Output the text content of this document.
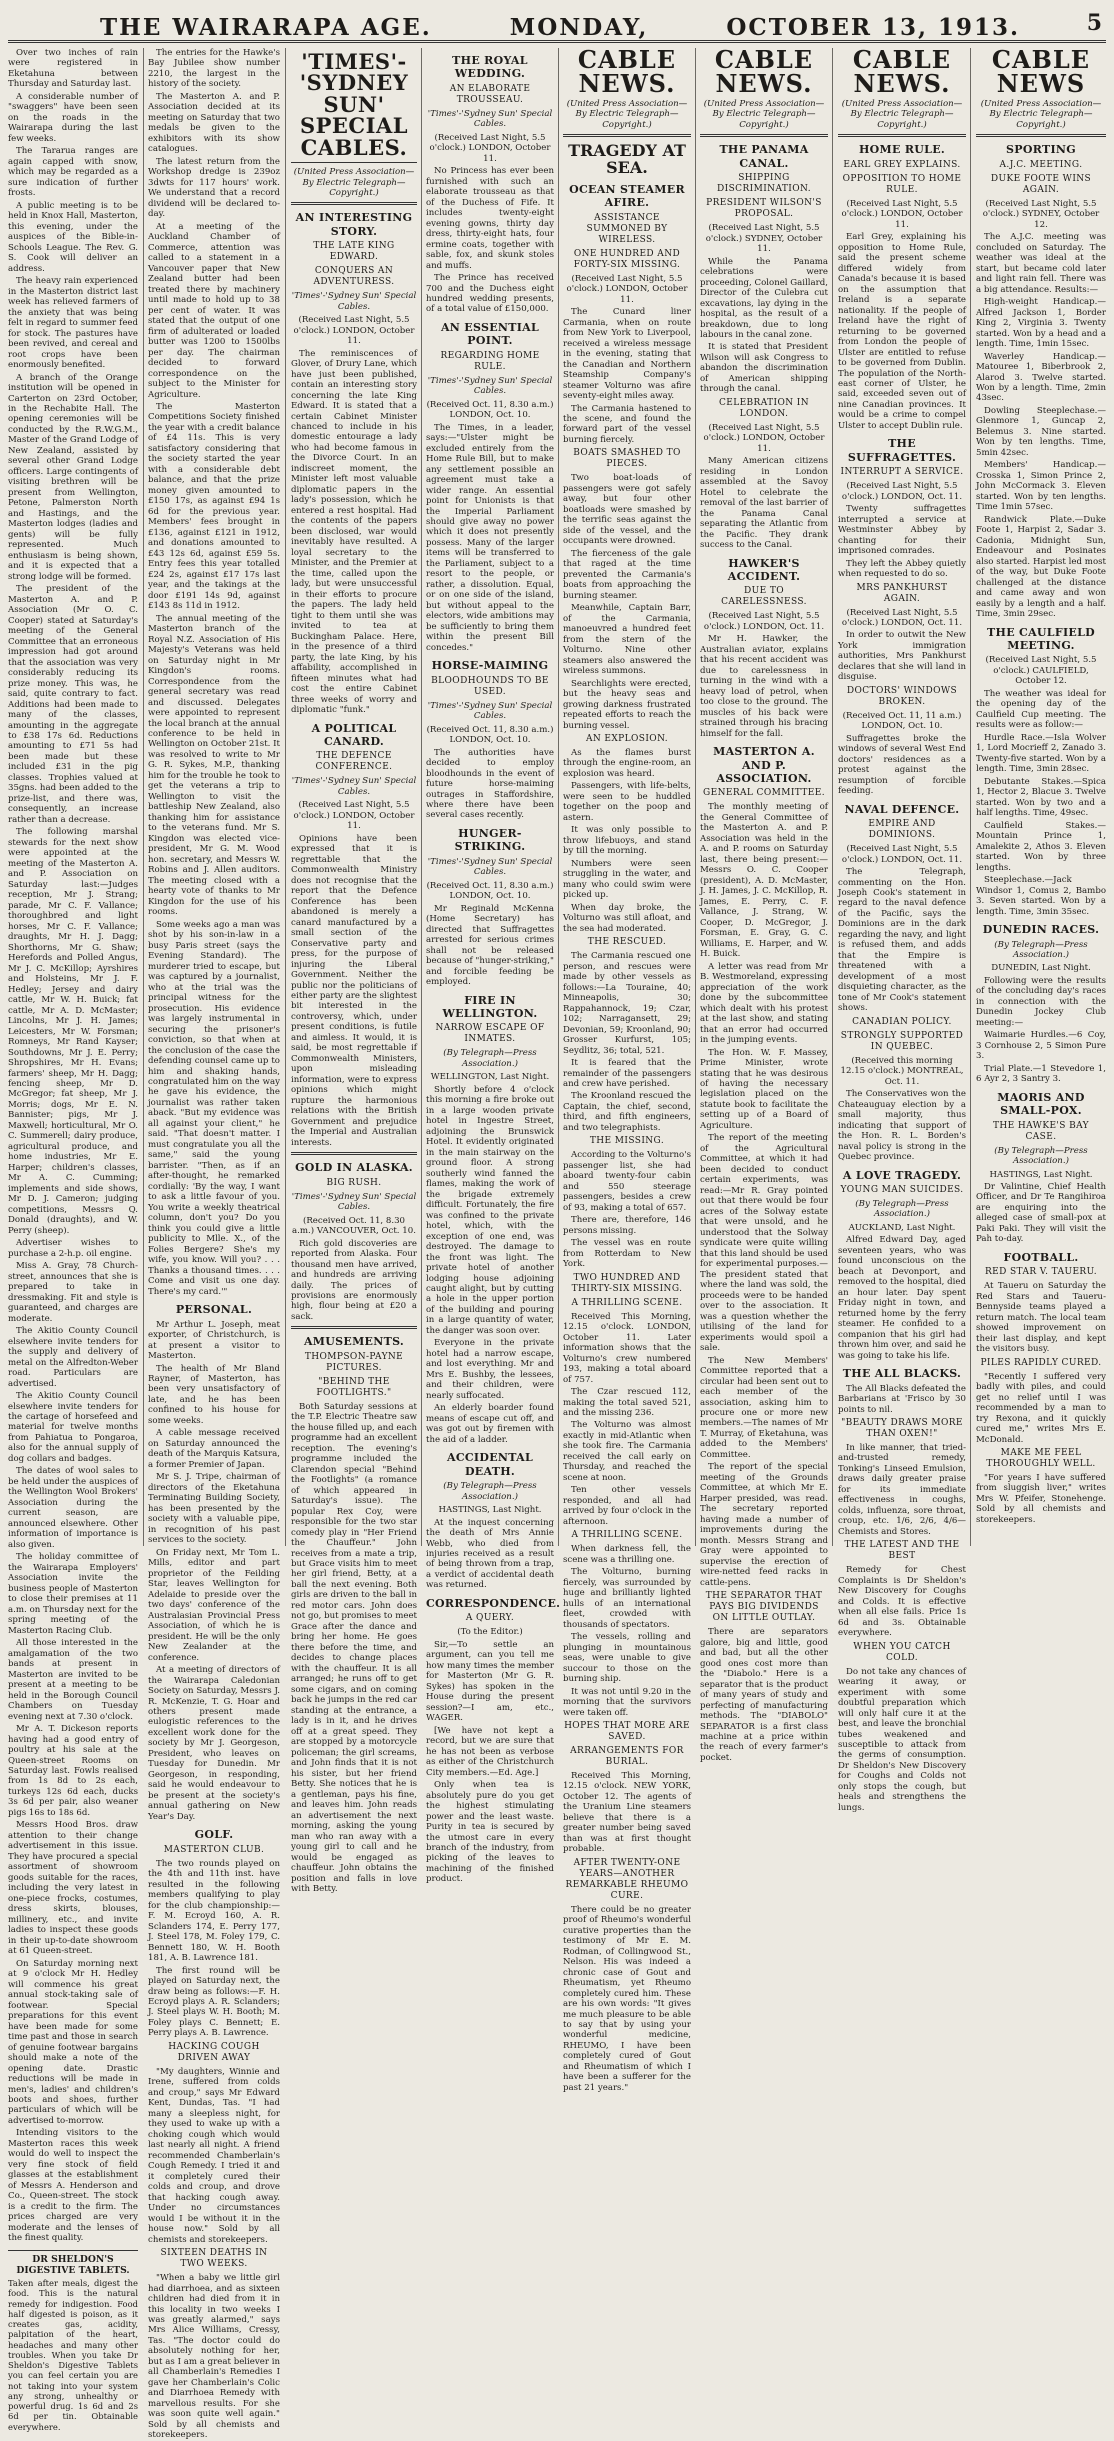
THE WAIRARAPA AGE.	MONDAY,	OCTOBER 13, 1913.	5

Over two inches of rain were registered in Eketahuna between Thursday and Saturday last.

A considerable number of "swaggers" have been seen on the roads in the Wairarapa during the last few weeks.

The Tararua ranges are again capped with snow, which may be regarded as a sure indication of further frosts.

A public meeting is to be held in Knox Hall, Masterton, this evening, under the auspices of the Bible-in-Schools League. The Rev. G. S. Cook will deliver an address.

The heavy rain experienced in the Masterton district last week has relieved farmers of the anxiety that was being felt in regard to summer feed for stock. The pastures have been revived, and cereal and root crops have been enormously benefited.

A branch of the Orange institution will be opened in Carterton on 23rd October, in the Rechabite Hall. The opening ceremonies will be conducted by the R.W.G.M., Master of the Grand Lodge of New Zealand, assisted by several other Grand Lodge officers. Large contingents of visiting brethren will be present from Wellington, Petone, Palmerston North and Hastings, and the Masterton lodges (ladies and gents) will be fully represented. Much enthusiasm is being shown, and it is expected that a strong lodge will be formed.

The president of the Masterton A. and P. Association (Mr O. C. Cooper) stated at Saturday's meeting of the General Committee that an erroneous impression had got around that the association was very considerably reducing its prize money. This was, he said, quite contrary to fact. Additions had been made to many of the classes, amounting in the aggregate to £38 17s 6d. Reductions amounting to £71 5s had been made but these included £31 in the pig classes. Trophies valued at 35gns. had been added to the prize-list, and there was, consequently, an increase rather than a decrease.

The following marshal stewards for the next show were appointed at the meeting of the Masterton A. and P. Association on Saturday last:—Judges reception, Mr J. Strang; parade, Mr C. F. Vallance; thoroughbred and light horses, Mr C. F. Vallance; draughts, Mr H. J. Dagg; Shorthorns, Mr G. Shaw; Herefords and Polled Angus, Mr J. C. McKillop; Ayrshires and Holsteins, Mr J. F. Hedley; Jersey and dairy cattle, Mr W. H. Buick; fat cattle, Mr A. D. McMaster; Lincolns, Mr J. H. James; Leicesters, Mr W. Forsman; Romneys, Mr Rand Kayser; Southdowns, Mr J. E. Perry; Shropshires, Mr H. Evans; farmers' sheep, Mr H. Dagg; fencing sheep, Mr D. McGregor; fat sheep, Mr J. Morris; dogs, Mr E. N. Bannister; pigs, Mr J. Maxwell; horticultural, Mr O. C. Summerell; dairy produce, agricultural produce, and home industries, Mr E. Harper; children's classes, Mr A. C. Cumming; implements and side shows, Mr D. J. Cameron; judging competitions, Messrs Q. Donald (draughts), and W. Perry (sheep).

Advertiser wishes to purchase a 2-h.p. oil engine.

Miss A. Gray, 78 Church-street, announces that she is prepared to take in dressmaking. Fit and style is guaranteed, and charges are moderate.

The Akitio County Council elsewhere invite tenders for the supply and delivery of metal on the Alfredton-Weber road. Particulars are advertised.

The Akitio County Council elsewhere invite tenders for the cartage of horsefeed and material for twelve months from Pahiatua to Pongaroa, also for the annual supply of dog collars and badges.

The dates of wool sales to be held under the auspices of the Wellington Wool Brokers' Association during the current season, are announced elsewhere. Other information of importance is also given.

The holiday committee of the Wairarapa Employers' Association invite the business people of Masterton to close their premises at 11 a.m. on Thursday next for the spring meeting of the Masterton Racing Club.

All those interested in the amalgamation of the two bands at present in Masterton are invited to be present at a meeting to be held in the Borough Council Chambers on Tuesday evening next at 7.30 o'clock.

Mr A. T. Dickeson reports having had a good entry of poultry at his sale at the Queen-street Rooms on Saturday last. Fowls realised from 1s 8d to 2s each, turkeys 12s 6d each, ducks 3s 6d per pair, also weaner pigs 16s to 18s 6d.

Messrs Hood Bros. draw attention to their change advertisement in this issue. They have procured a special assortment of showroom goods suitable for the races, including the very latest in one-piece frocks, costumes, dress skirts, blouses, millinery, etc., and invite ladies to inspect these goods in their up-to-date showroom at 61 Queen-street.

On Saturday morning next at 9 o'clock Mr H. Hedley will commence his great annual stock-taking sale of footwear. Special preparations for this event have been made for some time past and those in search of genuine footwear bargains should make a note of the opening date. Drastic reductions will be made in men's, ladies' and children's boots and shoes, further particulars of which will be advertised to-morrow.

Intending visitors to the Masterton races this week would do well to inspect the very fine stock of field glasses at the establishment of Messrs A. Henderson and Co., Queen-street. The stock is a credit to the firm. The prices charged are very moderate and the lenses of the finest quality.

DR SHELDON'S DIGESTIVE TABLETS.
Taken after meals, digest the food. This is the natural remedy for indigestion. Food half digested is poison, as it creates gas, acidity, palpitation of the heart, headaches and many other troubles. When you take Dr Sheldon's Digestive Tablets you can feel certain you are not taking into your system any strong, unhealthy or powerful drug. 1s 6d and 2s 6d per tin. Obtainable everywhere.

The entries for the Hawke's Bay Jubilee show number 2210, the largest in the history of the society.

The Masterton A. and P. Association decided at its meeting on Saturday that two medals be given to the exhibitors with its show catalogues.

The latest return from the Workshop dredge is 239oz 3dwts for 117 hours' work. We understand that a record dividend will be declared to-day.

At a meeting of the Auckland Chamber of Commerce, attention was called to a statement in a Vancouver paper that New Zealand butter had been treated there by machinery until made to hold up to 38 per cent of water. It was stated that the output of one firm of adulterated or loaded butter was 1200 to 1500lbs per day. The chairman decided to forward correspondence on the subject to the Minister for Agriculture.

The Masterton Competitions Society finished the year with a credit balance of £4 11s. This is very satisfactory considering that the society started the year with a considerable debt balance, and that the prize money given amounted to £150 17s, as against £94 1s 6d for the previous year. Members' fees brought in £136, against £121 in 1912, and donations amounted to £43 12s 6d, against £59 5s. Entry fees this year totalled £24 2s, against £17 17s last year, and the takings at the door £191 14s 9d, against £143 8s 11d in 1912.

The annual meeting of the Masterton branch of the Royal N.Z. Association of His Majesty's Veterans was held on Saturday night in Mr Kingdon's rooms. Correspondence from the general secretary was read and discussed. Delegates were appointed to represent the local branch at the annual conference to be held in Wellington on October 21st. It was resolved to write to Mr G. R. Sykes, M.P., thanking him for the trouble he took to get the veterans a trip to Wellington to visit the battleship New Zealand, also thanking him for assistance to the veterans fund. Mr S. Kingdon was elected vice-president, Mr G. M. Wood hon. secretary, and Messrs W. Robins and J. Allen auditors. The meeting closed with a hearty vote of thanks to Mr Kingdon for the use of his rooms.

Some weeks ago a man was shot by his son-in-law in a busy Paris street (says the Evening Standard). The murderer tried to escape, but was captured by a journalist, who at the trial was the principal witness for the prosecution. His evidence was largely instrumental in securing the prisoner's conviction, so that when at the conclusion of the case the defending counsel came up to him and shaking hands, congratulated him on the way he gave his evidence, the journalist was rather taken aback. "But my evidence was all against your client," he said. "That doesn't matter. I must congratulate you all the same," said the young barrister. "Then, as if an after-thought, he remarked cordially: 'By the way, I want to ask a little favour of you. You write a weekly theatrical column, don't you? Do you think you could give a little publicity to Mlle. X., of the Folies Bergere? She's my wife, you know. Will you? . . . Thanks a thousand times. . . . Come and visit us one day. There's my card.'"

PERSONAL.

Mr Arthur L. Joseph, meat exporter, of Christchurch, is at present a visitor to Masterton.

The health of Mr Bland Rayner, of Masterton, has been very unsatisfactory of late, and he has been confined to his house for some weeks.

A cable message received on Saturday announced the death of the Marquis Katsura, a former Premier of Japan.

Mr S. J. Tripe, chairman of directors of the Eketahuna Terminating Building Society, has been presented by the society with a valuable pipe, in recognition of his past services to the society.

On Friday next, Mr Tom L. Mills, editor and part proprietor of the Feilding Star, leaves Wellington for Adelaide to preside over the two days' conference of the Australasian Provincial Press Association, of which he is president. He will be the only New Zealander at the conference.

At a meeting of directors of the Wairarapa Caledonian Society on Saturday, Messrs J. R. McKenzie, T. G. Hoar and others present made eulogistic references to the excellent work done for the society by Mr J. Georgeson, President, who leaves on Tuesday for Dunedin. Mr Georgeson, in responding, said he would endeavour to be present at the society's annual gathering on New Year's Day.

GOLF.
MASTERTON CLUB.

The two rounds played on the 4th and 11th inst. have resulted in the following members qualifying to play for the club championship:—F. M. Ecroyd 160, A. R. Sclanders 174, E. Perry 177, J. Steel 178, M. Foley 179, C. Bennett 180, W. H. Booth 181, A. B. Lawrence 181.

The first round will be played on Saturday next, the draw being as follows:—F. H. Ecroyd plays A. R. Sclanders; J. Steel plays W. H. Booth; M. Foley plays C. Bennett; E. Perry plays A. B. Lawrence.

HACKING COUGH DRIVEN AWAY

"My daughters, Winnie and Irene, suffered from colds and croup," says Mr Edward Kent, Dundas, Tas. "I had many a sleepless night, for they used to wake up with a choking cough which would last nearly all night. A friend recommended Chamberlain's Cough Remedy. I tried it and it completely cured their colds and croup, and drove that hacking cough away. Under no circumstances would I be without it in the house now." Sold by all chemists and storekeepers.

SIXTEEN DEATHS IN TWO WEEKS.

"When a baby we little girl had diarrhoea, and as sixteen children had died from it in this locality in two weeks I was greatly alarmed," says Mrs Alice Williams, Cressy, Tas. "The doctor could do absolutely nothing for her, but as I am a great believer in all Chamberlain's Remedies I gave her Chamberlain's Colic and Diarrhoea Remedy with marvellous results. For she was soon quite well again." Sold by all chemists and storekeepers.

'TIMES'-'SYDNEY SUN' SPECIAL CABLES.
(United Press Association—By Electric Telegraph—Copyright.)
AN INTERESTING STORY.
THE LATE KING EDWARD.
CONQUERS AN ADVENTURESS.
'Times'-'Sydney Sun' Special Cables.
(Received Last Night, 5.5 o'clock.) LONDON, October 11.

The reminiscences of Glover, of Drury Lane, which have just been published, contain an interesting story concerning the late King Edward. It is stated that a certain Cabinet Minister chanced to include in his domestic entourage a lady who had become famous in the Divorce Court. In an indiscreet moment, the Minister left most valuable diplomatic papers in the lady's possession, which he entered a rest hospital. Had the contents of the papers been disclosed, war would inevitably have resulted. A loyal secretary to the Minister, and the Premier at the time, called upon the lady, but were unsuccessful in their efforts to procure the papers. The lady held tight to them until she was invited to tea at Buckingham Palace. Here, in the presence of a third party, the late King, by his affability, accomplished in fifteen minutes what had cost the entire Cabinet three weeks of worry and diplomatic "funk."

A POLITICAL CANARD.
THE DEFENCE CONFERENCE.
'Times'-'Sydney Sun' Special Cables.
(Received Last Night, 5.5 o'clock.) LONDON, October 11.

Opinions have been expressed that it is regrettable that the Commonwealth Ministry does not recognise that the report that the Defence Conference has been abandoned is merely a canard manufactured by a small section of the Conservative party and press, for the purpose of injuring the Liberal Government. Neither the public nor the politicians of either party are the slightest bit interested in the controversy, which, under present conditions, is futile and aimless. It would, it is said, be most regrettable if Commonwealth Ministers, upon misleading information, were to express opinions which might rupture the harmonious relations with the British Government and prejudice the Imperial and Australian interests.

GOLD IN ALASKA.
BIG RUSH.
'Times'-'Sydney Sun' Special Cables.
(Received Oct. 11, 8.30 a.m.) VANCOUVER, Oct. 10.

Rich gold discoveries are reported from Alaska. Four thousand men have arrived, and hundreds are arriving daily. The prices of provisions are enormously high, flour being at £20 a sack.

AMUSEMENTS.
THOMPSON-PAYNE PICTURES.
"BEHIND THE FOOTLIGHTS."

Both Saturday sessions at the T.P. Electric Theatre saw the house filled up, and each programme had an excellent reception. The evening's programme included the Clarendon special "Behind the Footlights" (a romance of which appeared in Saturday's issue). The popular Rex Coy, were responsible for the two star comedy play in "Her Friend the Chauffeur." John receives from a mate a trip, but Grace visits him to meet her girl friend, Betty, at a ball the next evening. Both girls are driven to the ball in red motor cars. John does not go, but promises to meet Grace after the dance and bring her home. He goes there before the time, and decides to change places with the chauffeur. It is all arranged; he runs off to get some cigars, and on coming back he jumps in the red car standing at the entrance, a lady is in it, and he drives off at a great speed. They are stopped by a motorcycle policeman; the girl screams, and John finds that it is not his sister, but her friend Betty. She notices that he is a gentleman, pays his fine, and leaves him. John reads an advertisement the next morning, asking the young man who ran away with a young girl to call and he would be engaged as chauffeur. John obtains the position and falls in love with Betty.

THE ROYAL WEDDING.
AN ELABORATE TROUSSEAU.
'Times'-'Sydney Sun' Special Cables.
(Received Last Night, 5.5 o'clock.) LONDON, October 11.

No Princess has ever been furnished with such an elaborate trousseau as that of the Duchess of Fife. It includes twenty-eight evening gowns, thirty day dress, thirty-eight hats, four ermine coats, together with sable, fox, and skunk stoles and muffs.

The Prince has received 700 and the Duchess eight hundred wedding presents, of a total value of £150,000.

AN ESSENTIAL POINT.
REGARDING HOME RULE.
'Times'-'Sydney Sun' Special Cables.
(Received Oct. 11, 8.30 a.m.) LONDON, Oct. 10.

The Times, in a leader, says:—"Ulster might be excluded entirely from the Home Rule Bill, but to make any settlement possible an agreement must take a wider range. An essential point for Unionists is that the Imperial Parliament should give away no power which it does not presently possess. Many of the larger items will be transferred to the Parliament, subject to a resort to the people, or rather, a dissolution. Equal, or on one side of the island, but without appeal to the electors, wide ambitions may be sufficiently to bring them within the present Bill concedes."

HORSE-MAIMING
BLOODHOUNDS TO BE USED.
'Times'-'Sydney Sun' Special Cables.
(Received Oct. 11, 8.30 a.m.) LONDON, Oct. 10.

The authorities have decided to employ bloodhounds in the event of future horse-maiming outrages in Staffordshire, where there have been several cases recently.

HUNGER-STRIKING.
'Times'-'Sydney Sun' Special Cables.
(Received Oct. 11, 8.30 a.m.) LONDON, Oct. 10.

Mr Reginald McKenna (Home Secretary) has directed that Suffragettes arrested for serious crimes shall not be released because of "hunger-striking," and forcible feeding be employed.

FIRE IN WELLINGTON.
NARROW ESCAPE OF INMATES.
(By Telegraph—Press Association.)
WELLINGTON, Last Night.

Shortly before 4 o'clock this morning a fire broke out in a large wooden private hotel in Ingestre Street, adjoining the Brunswick Hotel. It evidently originated in the main stairway on the ground floor. A strong southerly wind fanned the flames, making the work of the brigade extremely difficult. Fortunately, the fire was confined to the private hotel, which, with the exception of one end, was destroyed. The damage to the front was light. The private hotel of another lodging house adjoining caught alight, but by cutting a hole in the upper portion of the building and pouring in a large quantity of water, the danger was soon over.

Everyone in the private hotel had a narrow escape, and lost everything. Mr and Mrs E. Bushby, the lessees, and their children, were nearly suffocated.

An elderly boarder found means of escape cut off, and was got out by firemen with the aid of a ladder.

ACCIDENTAL DEATH.
(By Telegraph—Press Association.)
HASTINGS, Last Night.

At the inquest concerning the death of Mrs Annie Webb, who died from injuries received as a result of being thrown from a trap, a verdict of accidental death was returned.

CORRESPONDENCE.
A QUERY.
(To the Editor.)

Sir,—To settle an argument, can you tell me how many times the member for Masterton (Mr G. R. Sykes) has spoken in the House during the present session?—I am, etc., WAGER.

[We have not kept a record, but we are sure that he has not been as verbose as either of the Christchurch City members.—Ed. Age.]

Only when tea is absolutely pure do you get the highest stimulating power and the least waste. Purity in tea is secured by the utmost care in every branch of the industry, from picking of the leaves to machining of the finished product.

CABLE NEWS.
(United Press Association—By Electric Telegraph—Copyright.)
TRAGEDY AT SEA.
OCEAN STEAMER AFIRE.
ASSISTANCE SUMMONED BY WIRELESS.
ONE HUNDRED AND FORTY-SIX MISSING.
(Received Last Night, 5.5 o'clock.) LONDON, October 11.

The Cunard liner Carmania, when on route from New York to Liverpool, received a wireless message in the evening, stating that the Canadian and Northern Steamship Company's steamer Volturno was afire seventy-eight miles away.

The Carmania hastened to the scene, and found the forward part of the vessel burning fiercely.

BOATS SMASHED TO PIECES.

Two boat-loads of passengers were got safely away, but four other boatloads were smashed by the terrific seas against the side of the vessel, and the occupants were drowned.

The fierceness of the gale that raged at the time prevented the Carmania's boats from approaching the burning steamer.

Meanwhile, Captain Barr, of the Carmania, manoeuvred a hundred feet from the stern of the Volturno. Nine other steamers also answered the wireless summons.

Searchlights were erected, but the heavy seas and growing darkness frustrated repeated efforts to reach the burning vessel.

AN EXPLOSION.

As the flames burst through the engine-room, an explosion was heard.

Passengers, with life-belts, were seen to be huddled together on the poop and astern.

It was only possible to throw lifebuoys, and stand by till the morning.

Numbers were seen struggling in the water, and many who could swim were picked up.

When day broke, the Volturno was still afloat, and the sea had moderated.

THE RESCUED.

The Carmania rescued one person, and rescues were made by other vessels as follows:—La Touraine, 40; Minneapolis, 30; Rappahannock, 19; Czar, 102; Narragansett, 29; Devonian, 59; Kroonland, 90; Grosser Kurfurst, 105; Seydlitz, 36; total, 521.

It is feared that the remainder of the passengers and crew have perished.

The Kroonland rescued the Captain, the chief, second, third, and fifth engineers, and two telegraphists.

THE MISSING.

According to the Volturno's passenger list, she had aboard twenty-four cabin and 550 steerage passengers, besides a crew of 93, making a total of 657.

There are, therefore, 146 persons missing.

The vessel was en route from Rotterdam to New York.

TWO HUNDRED AND THIRTY-SIX MISSING.
A THRILLING SCENE.

Received This Morning, 12.15 o'clock. LONDON, October 11. Later information shows that the Volturno's crew numbered 193, making a total aboard of 757.

The Czar rescued 112, making the total saved 521, and the missing 236.

The Volturno was almost exactly in mid-Atlantic when she took fire. The Carmania received the call early on Thursday, and reached the scene at noon.

Ten other vessels responded, and all had arrived by four o'clock in the afternoon.

A THRILLING SCENE.

When darkness fell, the scene was a thrilling one.

The Volturno, burning fiercely, was surrounded by huge and brilliantly lighted hulls of an international fleet, crowded with thousands of spectators.

The vessels, rolling and plunging in mountainous seas, were unable to give succour to those on the burning ship.

It was not until 9.20 in the morning that the survivors were taken off.

HOPES THAT MORE ARE SAVED.
ARRANGEMENTS FOR BURIAL.

Received This Morning, 12.15 o'clock. NEW YORK, October 12. The agents of the Uranium Line steamers believe that there is a greater number being saved than was at first thought probable.

AFTER TWENTY-ONE YEARS—ANOTHER REMARKABLE RHEUMO CURE.

There could be no greater proof of Rheumo's wonderful curative properties than the testimony of Mr E. M. Rodman, of Collingwood St., Nelson. His was indeed a chronic case of Gout and Rheumatism, yet Rheumo completely cured him. These are his own words: "It gives me much pleasure to be able to say that by using your wonderful medicine, RHEUMO, I have been completely cured of Gout and Rheumatism of which I have been a sufferer for the past 21 years."

CABLE NEWS.
(United Press Association—By Electric Telegraph—Copyright.)
THE PANAMA CANAL.
SHIPPING DISCRIMINATION.
PRESIDENT WILSON'S PROPOSAL.
(Received Last Night, 5.5 o'clock.) SYDNEY, October 11.

While the Panama celebrations were proceeding, Colonel Gaillard, Director of the Culebra cut excavations, lay dying in the hospital, as the result of a breakdown, due to long labours in the canal zone.

It is stated that President Wilson will ask Congress to abandon the discrimination of American shipping through the canal.

CELEBRATION IN LONDON.
(Received Last Night, 5.5 o'clock.) LONDON, October 11.

Many American citizens residing in London assembled at the Savoy Hotel to celebrate the removal of the last barrier of the Panama Canal separating the Atlantic from the Pacific. They drank success to the Canal.

HAWKER'S ACCIDENT.
DUE TO CARELESSNESS.
(Received Last Night, 5.5 o'clock.) LONDON, Oct. 11.

Mr H. Hawker, the Australian aviator, explains that his recent accident was due to carelessness in turning in the wind with a heavy load of petrol, when too close to the ground. The muscles of his back were strained through his bracing himself for the fall.

MASTERTON A. AND P. ASSOCIATION.
GENERAL COMMITTEE.

The monthly meeting of the General Committee of the Masterton A. and P. Association was held in the A. and P. rooms on Saturday last, there being present:—Messrs O. C. Cooper (president), A. D. McMaster, J. H. James, J. C. McKillop, R. James, E. Perry, C. F. Vallance, J. Strang, W. Cooper, D. McGregor, J. Forsman, E. Gray, G. C. Williams, E. Harper, and W. H. Buick.

A letter was read from Mr B. Westmoreland, expressing appreciation of the work done by the subcommittee which dealt with his protest at the last show, and stating that an error had occurred in the jumping events.

The Hon. W. F. Massey, Prime Minister, wrote stating that he was desirous of having the necessary legislation placed on the statute book to facilitate the setting up of a Board of Agriculture.

The report of the meeting of the Agricultural Committee, at which it had been decided to conduct certain experiments, was read:—Mr R. Gray pointed out that there would be four acres of the Solway estate that were unsold, and he understood that the Solway syndicate were quite willing that this land should be used for experimental purposes.—The president stated that where the land was sold, the proceeds were to be handed over to the association. It was a question whether the utilising of the land for experiments would spoil a sale.

The New Members' Committee reported that a circular had been sent out to each member of the association, asking him to procure one or more new members.—The names of Mr T. Murray, of Eketahuna, was added to the Members' Committee.

The report of the special meeting of the Grounds Committee, at which Mr E. Harper presided, was read. The secretary reported having made a number of improvements during the month. Messrs Strang and Gray were appointed to supervise the erection of wire-netted feed racks in cattle-pens.

THE SEPARATOR THAT PAYS BIG DIVIDENDS ON LITTLE OUTLAY.

There are separators galore, big and little, good and bad, but all the other good ones cost more than the "Diabolo." Here is a separator that is the product of many years of study and perfecting of manufacturing methods. The "DIABOLO" SEPARATOR is a first class machine at a price within the reach of every farmer's pocket.

CABLE NEWS.
(United Press Association—By Electric Telegraph—Copyright.)
HOME RULE.
EARL GREY EXPLAINS.
OPPOSITION TO HOME RULE.
(Received Last Night, 5.5 o'clock.) LONDON, October 11.

Earl Grey, explaining his opposition to Home Rule, said the present scheme differed widely from Canada's because it is based on the assumption that Ireland is a separate nationality. If the people of Ireland have the right of returning to be governed from London the people of Ulster are entitled to refuse to be governed from Dublin. The population of the North-east corner of Ulster, he said, exceeded seven out of nine Canadian provinces. It would be a crime to compel Ulster to accept Dublin rule.

THE SUFFRAGETTES.
INTERRUPT A SERVICE.
(Received Last Night, 5.5 o'clock.) LONDON, Oct. 11.

Twenty suffragettes interrupted a service at Westminster Abbey by chanting for their imprisoned comrades.

They left the Abbey quietly when requested to do so.

MRS PANKHURST AGAIN.
(Received Last Night, 5.5 o'clock.) LONDON, Oct. 11.

In order to outwit the New York immigration authorities, Mrs Pankhurst declares that she will land in disguise.

DOCTORS' WINDOWS BROKEN.
(Received Oct. 11, 11 a.m.) LONDON, Oct. 10.

Suffragettes broke the windows of several West End doctors' residences as a protest against the resumption of forcible feeding.

NAVAL DEFENCE.
EMPIRE AND DOMINIONS.
(Received Last Night, 5.5 o'clock.) LONDON, Oct. 11.

The Telegraph, commenting on the Hon. Joseph Cook's statement in regard to the naval defence of the Pacific, says the Dominions are in the dark regarding the navy, and light is refused them, and adds that the Empire is threatened with a development of a most disquieting character, as the tone of Mr Cook's statement shows.

CANADIAN POLICY.
STRONGLY SUPPORTED IN QUEBEC.
(Received this morning 12.15 o'clock.) MONTREAL, Oct. 11.

The Conservatives won the Chateauguay election by a small majority, thus indicating that support of the Hon. R. L. Borden's naval policy is strong in the Quebec province.

A LOVE TRAGEDY.
YOUNG MAN SUICIDES.
(By Telegraph—Press Association.)
AUCKLAND, Last Night.

Alfred Edward Day, aged seventeen years, who was found unconscious on the beach at Devonport, and removed to the hospital, died an hour later. Day spent Friday night in town, and returned home by the ferry steamer. He confided to a companion that his girl had thrown him over, and said he was going to take his life.

THE ALL BLACKS.

The All Blacks defeated the Barbarians at 'Frisco by 30 points to nil.

"BEAUTY DRAWS MORE THAN OXEN!"

In like manner, that tried-and-trusted remedy, Tonking's Linseed Emulsion, draws daily greater praise for its immediate effectiveness in coughs, colds, influenza, sore throat, croup, etc. 1/6, 2/6, 4/6—Chemists and Stores.

THE LATEST AND THE BEST

Remedy for Chest Complaints is Dr Sheldon's New Discovery for Coughs and Colds. It is effective when all else fails. Price 1s 6d and 3s. Obtainable everywhere.

WHEN YOU CATCH COLD.

Do not take any chances of wearing it away, or experiment with some doubtful preparation which will only half cure it at the best, and leave the bronchial tubes weakened and susceptible to attack from the germs of consumption. Dr Sheldon's New Discovery for Coughs and Colds not only stops the cough, but heals and strengthens the lungs.

CABLE NEWS
(United Press Association—By Electric Telegraph—Copyright.)
SPORTING
A.J.C. MEETING.
DUKE FOOTE WINS AGAIN.
(Received Last Night, 5.5 o'clock.) SYDNEY, October 12.

The A.J.C. meeting was concluded on Saturday. The weather was ideal at the start, but became cold later and light rain fell. There was a big attendance. Results:—

High-weight Handicap.—Alfred Jackson 1, Border King 2, Virginia 3. Twenty started. Won by a head and a length. Time, 1min 15sec.

Waverley Handicap.—Matouree 1, Biberbrook 2, Alarod 3. Twelve started. Won by a length. Time, 2min 43sec.

Dowling Steeplechase.—Glenmore 1, Guncap 2, Belemus 3. Nine started. Won by ten lengths. Time, 5min 42sec.

Members' Handicap.—Crosska 1, Simon Prince 2, John McCormack 3. Eleven started. Won by ten lengths. Time 1min 57sec.

Randwick Plate.—Duke Foote 1, Harpist 2, Sadar 3. Cadonia, Midnight Sun, Endeavour and Posinates also started. Harpist led most of the way, but Duke Foote challenged at the distance and came away and won easily by a length and a half. Time, 3min 29sec.

THE CAULFIELD MEETING.
(Received Last Night, 5.5 o'clock.) CAULFIELD, October 12.

The weather was ideal for the opening day of the Caulfield Cup meeting. The results were as follow:—

Hurdle Race.—Isla Wolver 1, Lord Mocrieff 2, Zanado 3. Twenty-five started. Won by a length. Time, 3min 28sec.

Debutante Stakes.—Spica 1, Hector 2, Blacue 3. Twelve started. Won by two and a half lengths. Time, 49sec.

Caulfield Stakes.—Mountain Prince 1, Amalekite 2, Athos 3. Eleven started. Won by three lengths.

Steeplechase.—Jack Windsor 1, Comus 2, Bambo 3. Seven started. Won by a length. Time, 3min 35sec.

DUNEDIN RACES.
(By Telegraph—Press Association.)
DUNEDIN, Last Night.

Following were the results of the concluding day's races in connection with the Dunedin Jockey Club meeting:—

Waimarie Hurdles.—6 Coy, 3 Cornhouse 2, 5 Simon Pure 3.

Trial Plate.—1 Stevedore 1, 6 Ayr 2, 3 Santry 3.

MAORIS AND SMALL-POX.
THE HAWKE'S BAY CASE.
(By Telegraph—Press Association.)
HASTINGS, Last Night.

Dr Valintine, Chief Health Officer, and Dr Te Rangihiroa are enquiring into the alleged case of small-pox at Paki Paki. They will visit the Pah to-day.

FOOTBALL.
RED STAR V. TAUERU.

At Taueru on Saturday the Red Stars and Taueru-Bennyside teams played a return match. The local team showed improvement on their last display, and kept the visitors busy.

PILES RAPIDLY CURED.

"Recently I suffered very badly with piles, and could get no relief until I was recommended by a man to try Rexona, and it quickly cured me," writes Mrs E. McDonald.

MAKE ME FEEL THOROUGHLY WELL.

"For years I have suffered from sluggish liver," writes Mrs W. Pfeifer, Stonehenge. Sold by all chemists and storekeepers.
